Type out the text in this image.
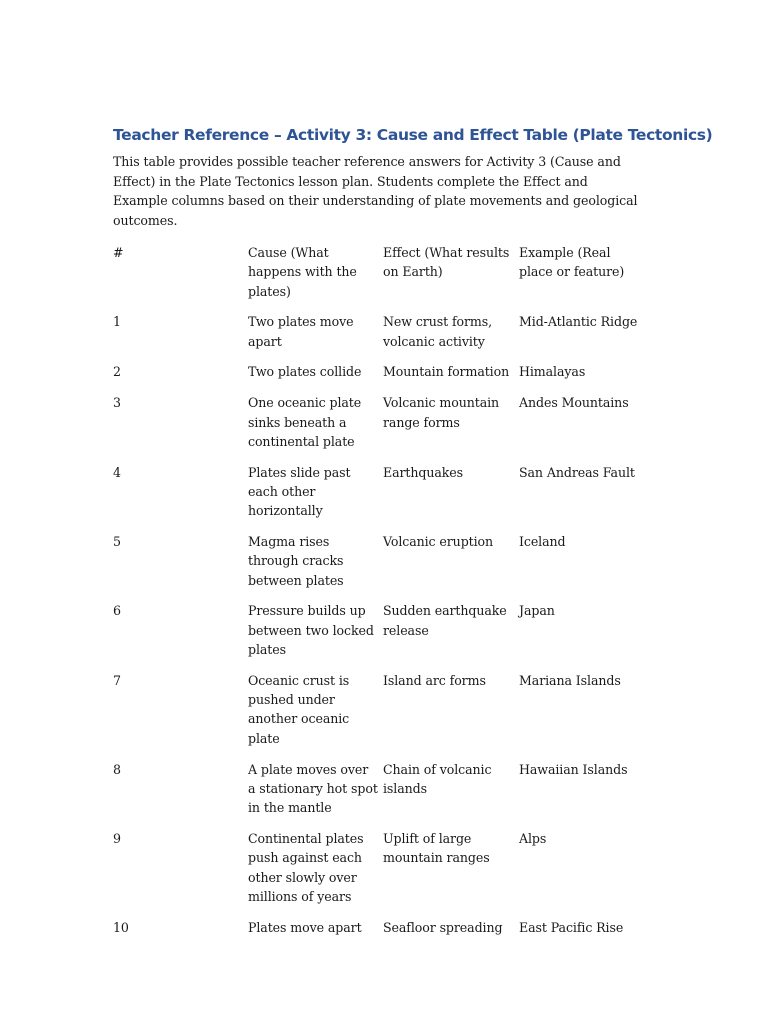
Teacher Reference – Activity 3: Cause and Effect Table (Plate Tectonics)

This table provides possible teacher reference answers for Activity 3 (Cause and Effect) in the Plate Tectonics lesson plan. Students complete the Effect and Example columns based on their understanding of plate movements and geological outcomes.

#	Cause (What happens with the plates)	Effect (What results on Earth)	Example (Real place or feature)
1	Two plates move apart	New crust forms, volcanic activity	Mid-Atlantic Ridge
2	Two plates collide	Mountain formation	Himalayas
3	One oceanic plate sinks beneath a continental plate	Volcanic mountain range forms	Andes Mountains
4	Plates slide past each other horizontally	Earthquakes	San Andreas Fault
5	Magma rises through cracks between plates	Volcanic eruption	Iceland
6	Pressure builds up between two locked plates	Sudden earthquake release	Japan
7	Oceanic crust is pushed under another oceanic plate	Island arc forms	Mariana Islands
8	A plate moves over a stationary hot spot in the mantle	Chain of volcanic islands	Hawaiian Islands
9	Continental plates push against each other slowly over millions of years	Uplift of large mountain ranges	Alps
10	Plates move apart	Seafloor spreading	East Pacific Rise
